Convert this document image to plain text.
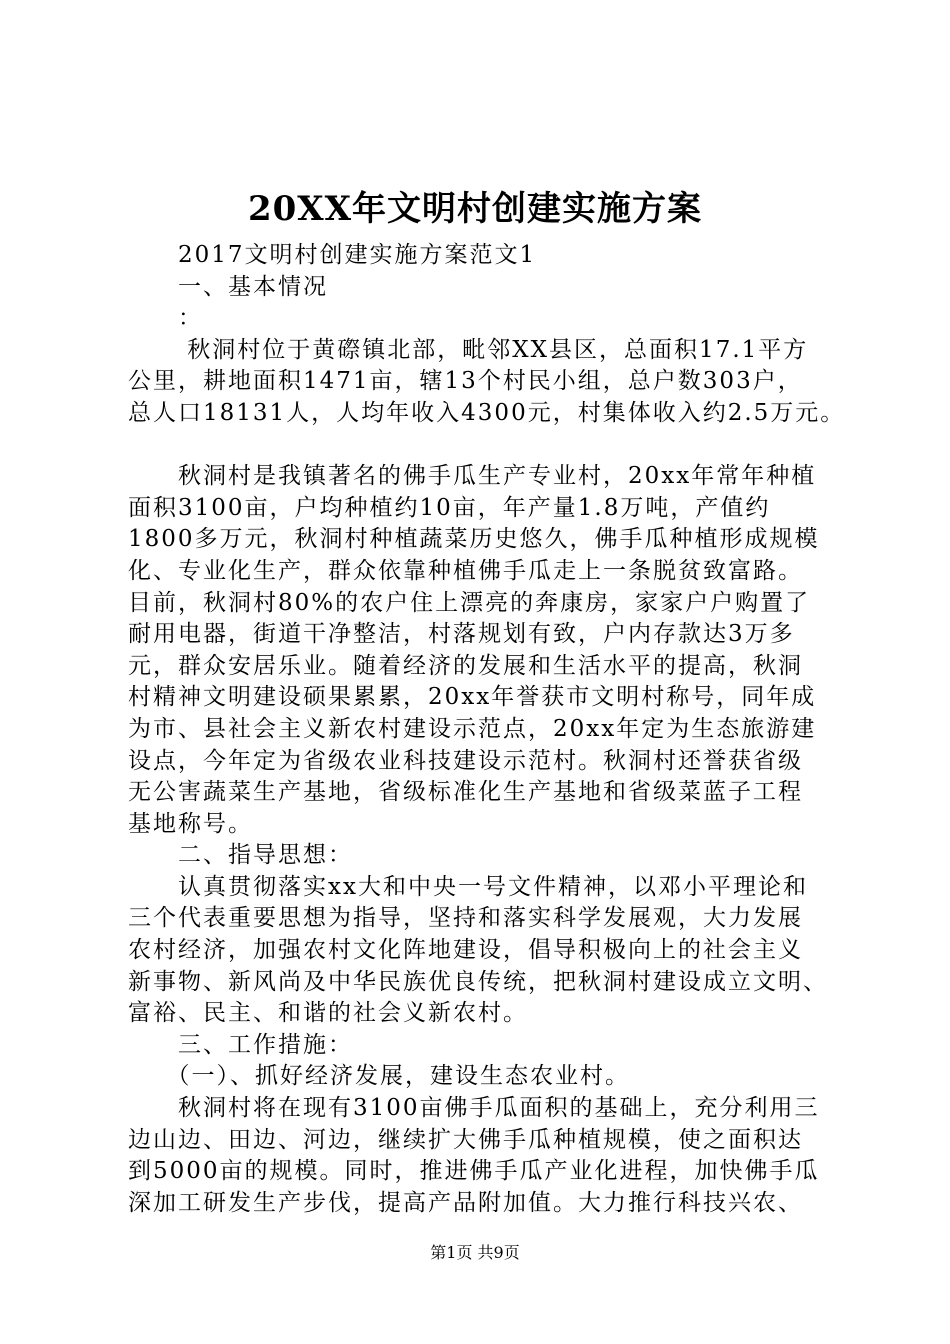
20XX年文明村创建实施方案
　　2017文明村创建实施方案范文1
　　一、基本情况
　　：
　　 秋洞村位于黄磜镇北部，毗邻XX县区，总面积17.1平方
公里，耕地面积1471亩，辖13个村民小组，总户数303户，
总人口18131人，人均年收入4300元，村集体收入约2.5万元。
　　秋洞村是我镇著名的佛手瓜生产专业村，20xx年常年种植
面积3100亩，户均种植约10亩，年产量1.8万吨，产值约
1800多万元，秋洞村种植蔬菜历史悠久，佛手瓜种植形成规模
化、专业化生产，群众依靠种植佛手瓜走上一条脱贫致富路。
目前，秋洞村80%的农户住上漂亮的奔康房，家家户户购置了
耐用电器，街道干净整洁，村落规划有致，户内存款达3万多
元，群众安居乐业。随着经济的发展和生活水平的提高，秋洞
村精神文明建设硕果累累，20xx年誉获市文明村称号，同年成
为市、县社会主义新农村建设示范点，20xx年定为生态旅游建
设点，今年定为省级农业科技建设示范村。秋洞村还誉获省级
无公害蔬菜生产基地，省级标准化生产基地和省级菜蓝子工程
基地称号。
　　二、指导思想：
　　认真贯彻落实xx大和中央一号文件精神，以邓小平理论和
三个代表重要思想为指导，坚持和落实科学发展观，大力发展
农村经济，加强农村文化阵地建设，倡导积极向上的社会主义
新事物、新风尚及中华民族优良传统，把秋洞村建设成立文明、
富裕、民主、和谐的社会义新农村。
　　三、工作措施：
　　（一）、抓好经济发展，建设生态农业村。
　　秋洞村将在现有3100亩佛手瓜面积的基础上，充分利用三
边山边、田边、河边，继续扩大佛手瓜种植规模，使之面积达
到5000亩的规模。同时，推进佛手瓜产业化进程，加快佛手瓜
深加工研发生产步伐，提高产品附加值。大力推行科技兴农、
第1页 共9页
